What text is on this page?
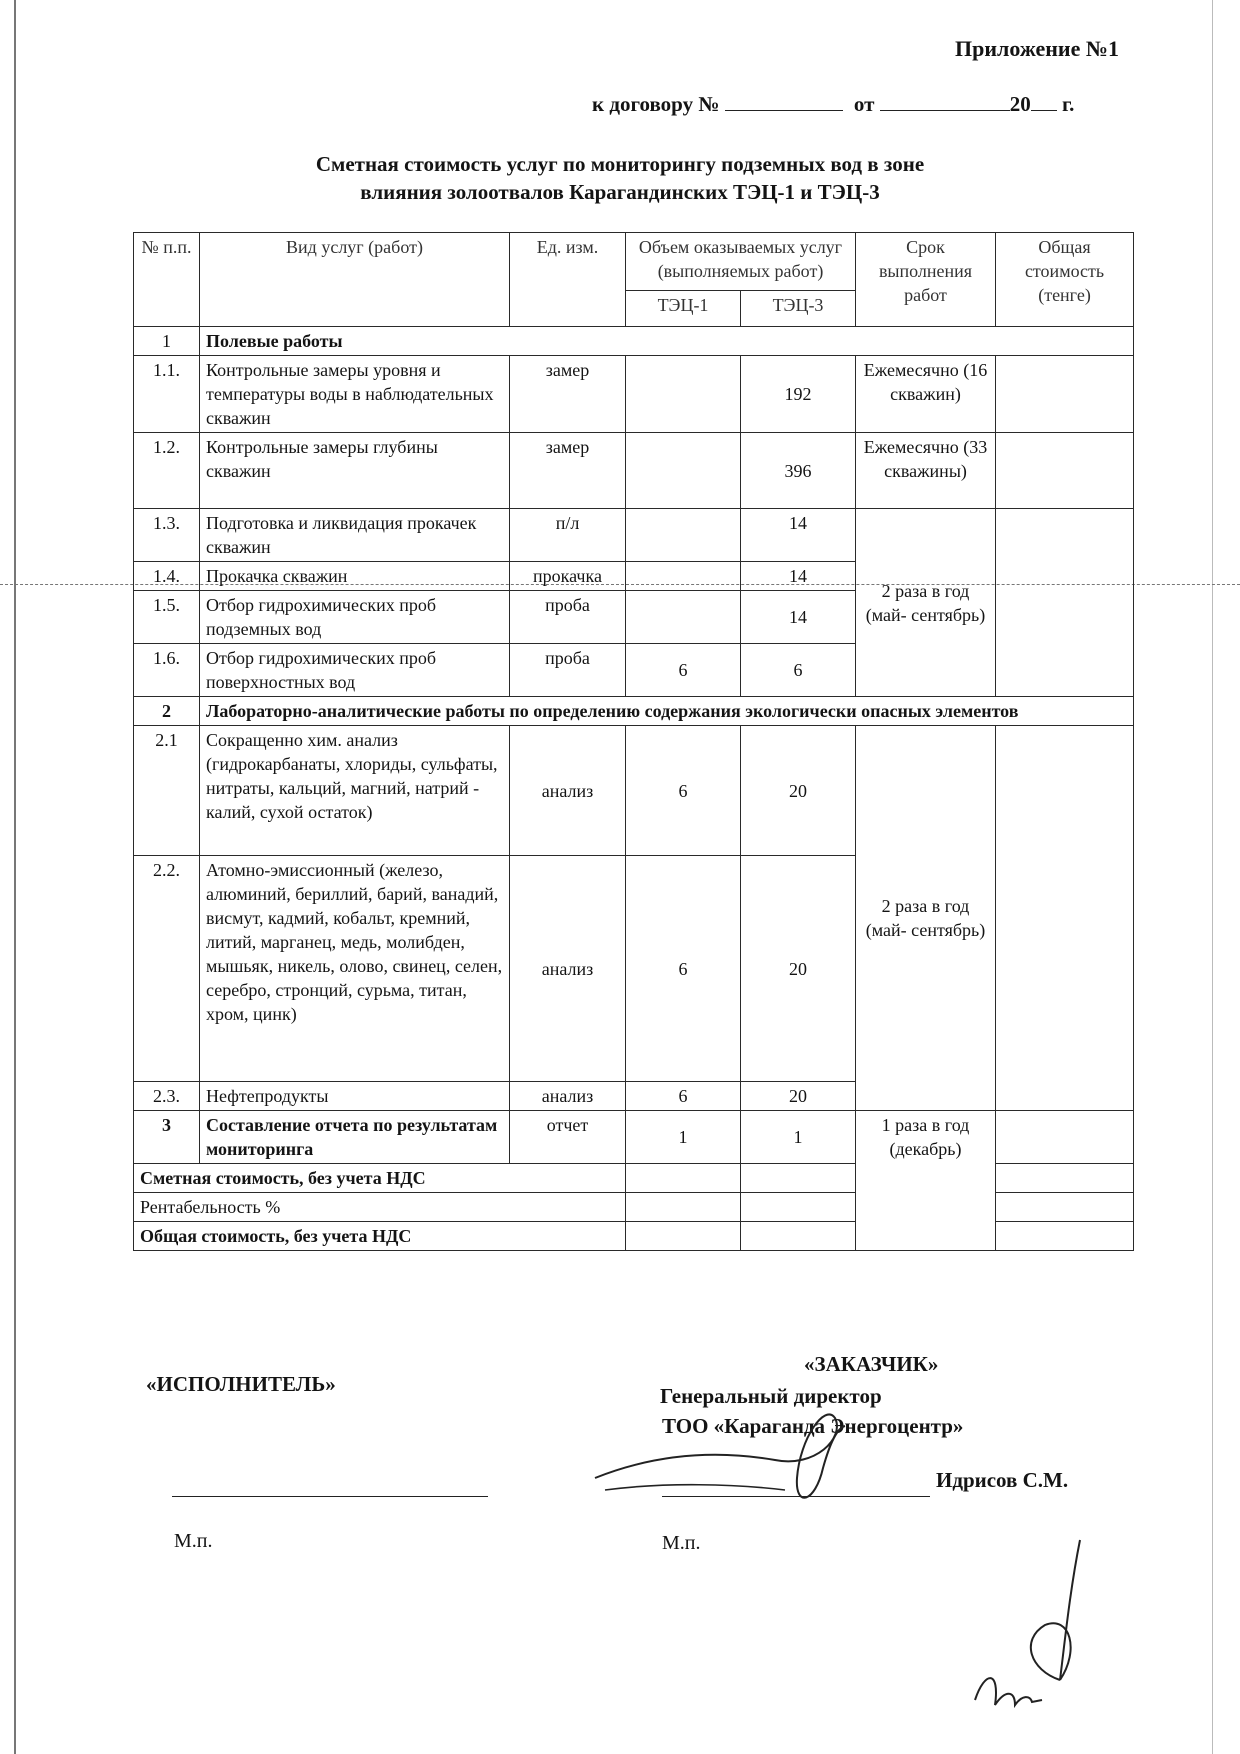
Приложение №1
к договору №	от	20 г.
Сметная стоимость услуг по мониторингу подземных вод в зоне
влияния золоотвалов Карагандинских ТЭЦ-1 и ТЭЦ-3
№ п.п.	Вид услуг (работ)	Ед. изм.	Объем оказываемых услуг (выполняемых работ)		Срок выполнения работ	Общая стоимость (тенге)
			ТЭЦ-1	ТЭЦ-3		
1	Полевые работы					
1.1.	Контрольные замеры уровня и температуры воды в наблюдательных скважин	замер		192	Ежемесячно (16 скважин)	
1.2.	Контрольные замеры глубины скважин	замер		396	Ежемесячно (33 скважины)	
1.3.	Подготовка и ликвидация прокачек скважин	п/л		14	2 раза в год (май- сентябрь)	
1.4.	Прокачка скважин	прокачка		14		
1.5.	Отбор гидрохимических проб подземных вод	проба		14		
1.6.	Отбор гидрохимических проб поверхностных вод	проба	6	6		
2	Лабораторно-аналитические работы по определению содержания экологически опасных элементов					
2.1	Сокращенно хим. анализ (гидрокарбанаты, хлориды, сульфаты, нитраты, кальций, магний, натрий - калий, сухой остаток)	анализ	6	20	2 раза в год (май- сентябрь)	
2.2.	Атомно-эмиссионный (железо, алюминий, бериллий, барий, ванадий, висмут, кадмий, кобальт, кремний, литий, марганец, медь, молибден, мышьяк, никель, олово, свинец, селен, серебро, стронций, сурьма, титан, хром, цинк)	анализ	6	20		
2.3.	Нефтепродукты	анализ	6	20		
3	Составление отчета по результатам мониторинга	отчет	1	1	1 раза в год (декабрь)	
Сметная стоимость, без учета НДС						
Рентабельность %						
Общая стоимость, без учета НДС						
«ИСПОЛНИТЕЛЬ»
«ЗАКАЗЧИК»
Генеральный директор
ТОО «Караганда Энергоцентр»
Идрисов С.М.
М.п.	М.п.
